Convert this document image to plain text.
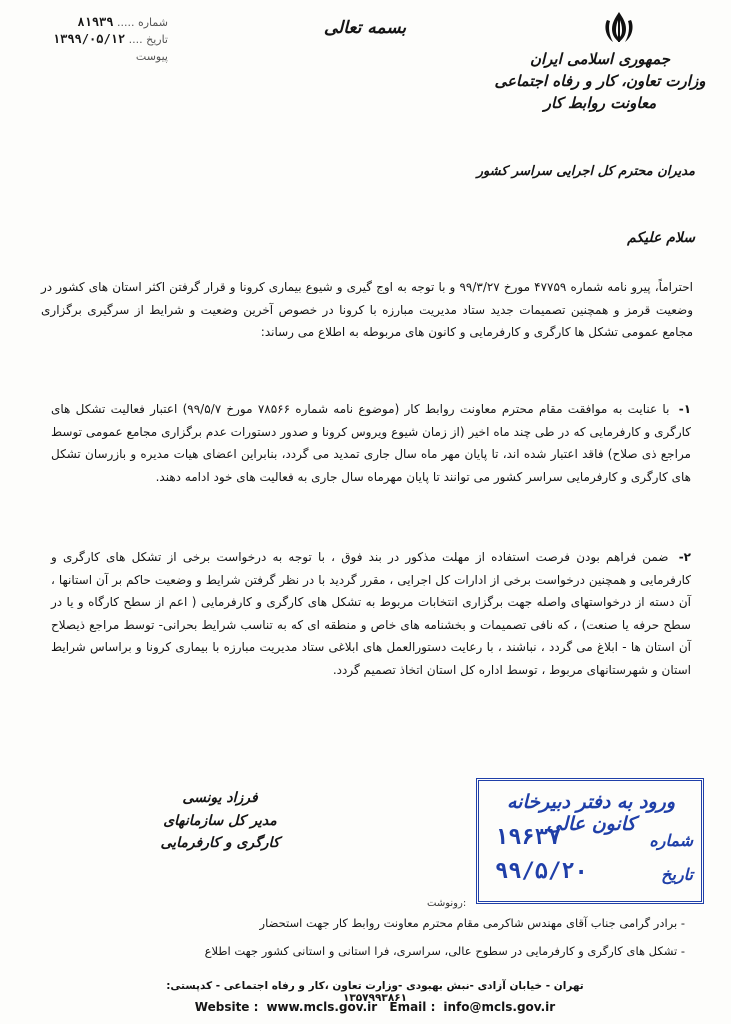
شماره ..... ۸۱۹۳۹
تاریخ .... ۱۳۹۹/۰۵/۱۲
پیوست
بسمه تعالی
جمهوری اسلامی ایران
وزارت تعاون، کار و رفاه اجتماعی
معاونت روابط کار
مدیران محترم کل اجرایی سراسر کشور
سلام علیکم
احتراماً، پیرو نامه شماره ۴۷۷۵۹ مورخ ۹۹/۳/۲۷ و با توجه به اوج گیری و شیوع بیماری کرونا و قرار گرفتن اکثر استان های کشور در وضعیت قرمز و همچنین تصمیمات جدید ستاد مدیریت مبارزه با کرونا در خصوص آخرین وضعیت و شرایط از سرگیری برگزاری مجامع عمومی تشکل ها کارگری و کارفرمایی و کانون های مربوطه به اطلاع می رساند:
۱- با عنایت به موافقت مقام محترم معاونت روابط کار (موضوع نامه شماره ۷۸۵۶۶ مورخ ۹۹/۵/۷) اعتبار فعالیت تشکل های کارگری و کارفرمایی که در طی چند ماه اخیر (از زمان شیوع ویروس کرونا و صدور دستورات عدم برگزاری مجامع عمومی توسط مراجع ذی صلاح) فاقد اعتبار شده اند، تا پایان مهر ماه سال جاری تمدید می گردد، بنابراین اعضای هیات مدیره و بازرسان تشکل های کارگری و کارفرمایی سراسر کشور می توانند تا پایان مهرماه سال جاری به فعالیت های خود ادامه دهند.
۲- ضمن فراهم بودن فرصت استفاده از مهلت مذکور در بند فوق ، با توجه به درخواست برخی از تشکل های کارگری و کارفرمایی و همچنین درخواست برخی از ادارات کل اجرایی ، مقرر گردید با در نظر گرفتن شرایط و وضعیت حاکم بر آن استانها ، آن دسته از درخواستهای واصله جهت برگزاری انتخابات مربوط به تشکل های کارگری و کارفرمایی ( اعم از سطح کارگاه و یا در سطح حرفه یا صنعت) ، که نافی تصمیمات و بخشنامه های خاص و منطقه ای که به تناسب شرایط بحرانی- توسط مراجع ذیصلاح آن استان ها - ابلاغ می گردد ، نباشند ، با رعایت دستورالعمل های ابلاغی ستاد مدیریت مبارزه با بیماری کرونا و براساس شرایط استان و شهرستانهای مربوط ، توسط اداره کل استان اتخاذ تصمیم گردد.
فرزاد یونسی
مدیر کل سازمانهای کارگری و کارفرمایی
ورود به دفتر دبیرخانه کانون عالی
شماره
۱۹۶۳۷
تاریخ
۹۹/۵/۲۰
رونوشت:
- برادر گرامی جناب آقای مهندس شاکرمی مقام محترم معاونت روابط کار جهت استحضار
- تشکل های کارگری و کارفرمایی در سطوح عالی، سراسری، فرا استانی و استانی کشور جهت اطلاع
تهران - خیابان آزادی -نبش بهبودی -وزارت تعاون ،کار و رفاه اجتماعی - کدپستی: ۱۳۵۷۹۹۳۸۶۱
Website : www.mcls.gov.ir Email : info@mcls.gov.ir
